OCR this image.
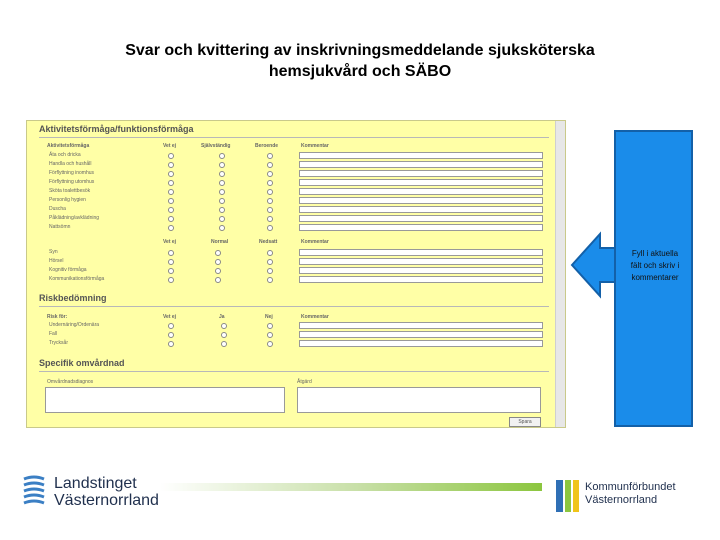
Svar och kvittering av inskrivningsmeddelande sjuksköterska
hemsjukvård och SÄBO
Aktivitetsförmåga/funktionsförmåga
Aktivitetsförmåga	Vet ej	Självständig	Beroende	Kommentar
Äta och dricka
Handla och hushåll
Förflyttning inomhus
Förflyttning utomhus
Sköta toalettbesök
Personlig hygien
Duscha
Påklädning/avklädning
Nattsömn
Vet ej	Normal	Nedsatt	Kommentar
Syn
Hörsel
Kognitiv förmåga
Kommunikationsförmåga
Riskbedömning
Risk för:	Vet ej	Ja	Nej	Kommentar
Undernäring/Ordenära
Fall
Trycksår
Specifik omvårdnad
Omvårdnadsdiagnos	Åtgärd
Spara
Fyll i aktuella
fält och skriv i
kommentarer
Landstinget
Västernorrland
Kommunförbundet
Västernorrland
